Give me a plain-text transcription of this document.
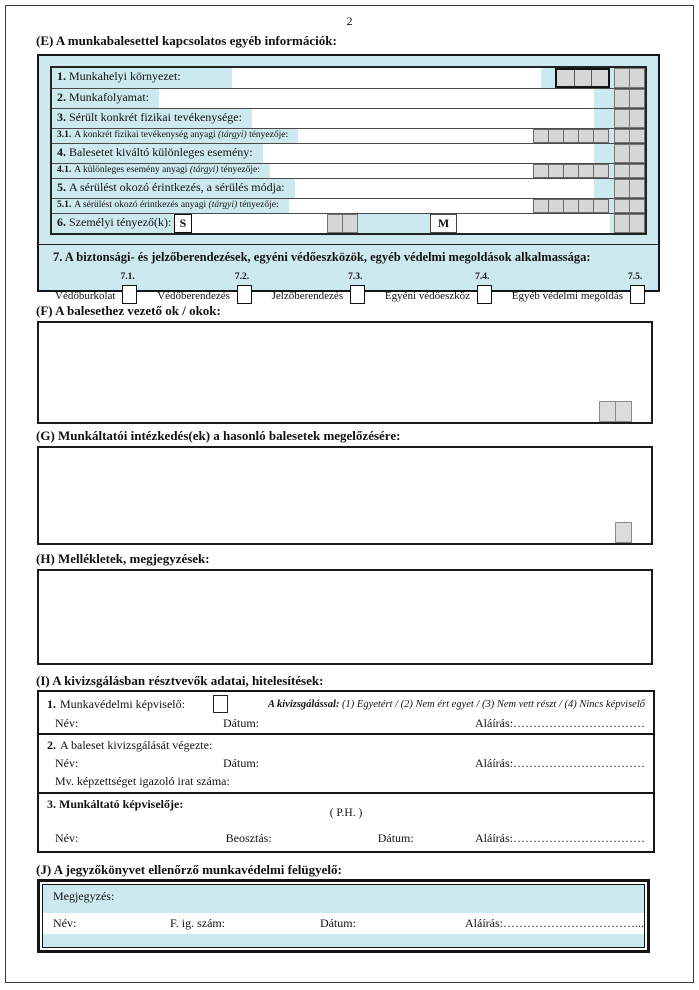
2
(E) A munkabalesettel kapcsolatos egyéb információk:
1. Munkahelyi környezet:
2. Munkafolyamat:
3. Sérült konkrét fizikai tevékenysége:
3.1. A konkrét fizikai tevékenység anyagi (tárgyi) tényezője:
4. Balesetet kiváltó különleges esemény:
4.1. A különleges esemény anyagi (tárgyi) tényezője:
5. A sérülést okozó érintkezés, a sérülés módja:
5.1. A sérülést okozó érintkezés anyagi (tárgyi) tényezője:
6. Személyi tényező(k): S	M
7. A biztonsági- és jelzőberendezések, egyéni védőeszközök, egyéb védelmi megoldások alkalmassága:
Védőburkolat
7.1.
Védőberendezés
7.2.
Jelzőberendezés
7.3.
Egyéni védőeszköz
7.4.
Egyéb védelmi megoldás
7.5.
(F) A balesethez vezető ok / okok:
(G) Munkáltatói intézkedés(ek) a hasonló balesetek megelőzésére:
(H) Mellékletek, megjegyzések:
(I) A kivizsgálásban résztvevők adatai, hitelesítések:
1. Munkavédelmi képviselő:	A kivizsgálással: (1) Egyetért / (2) Nem ért egyet / (3) Nem vett részt / (4) Nincs képviselő
Név:	Dátum:	Aláírás:……………………………
2. A baleset kivizsgálását végezte:
Név:	Dátum:	Aláírás:……………………………
Mv. képzettséget igazoló irat száma:
3. Munkáltató képviselője:
( P.H. )
Név:	Beosztás:	Dátum:	Aláírás:……………………………
(J) A jegyzőkönyvet ellenőrző munkavédelmi felügyelő:
Megjegyzés:
Név:	F. ig. szám:	Dátum:	Aláírás:……………………………...
